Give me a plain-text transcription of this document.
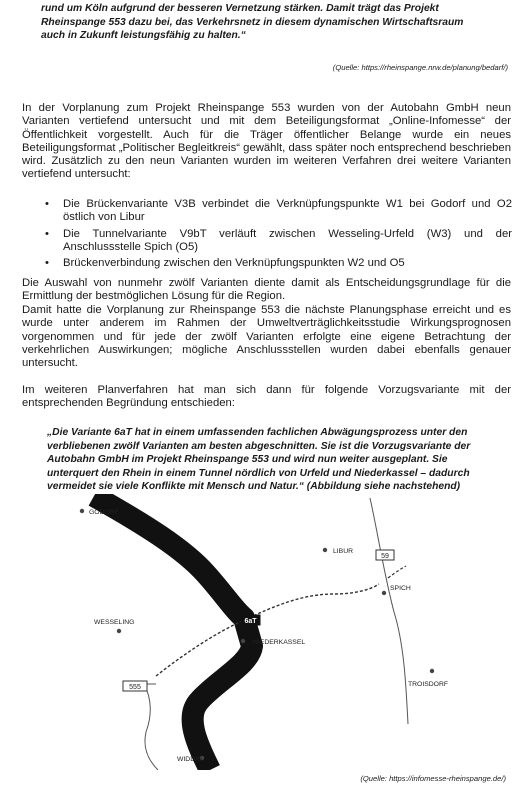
rund um Köln aufgrund der besseren Vernetzung stärken. Damit trägt das Projekt
Rheinspange 553 dazu bei, das Verkehrsnetz in diesem dynamischen Wirtschaftsraum
auch in Zukunft leistungsfähig zu halten.“
(Quelle: https://rheinspange.nrw.de/planung/bedarf/)
In der Vorplanung zum Projekt Rheinspange 553 wurden von der Autobahn GmbH neun Varianten vertiefend untersucht und mit dem Beteiligungsformat „Online-Infomesse“ der Öffentlichkeit vorgestellt. Auch für die Träger öffentlicher Belange wurde ein neues Beteiligungsformat „Politischer Begleitkreis“ gewählt, dass später noch entsprechend beschrieben wird. Zusätzlich zu den neun Varianten wurden im weiteren Verfahren drei weitere Varianten vertiefend untersucht:
• Die Brückenvariante V3B verbindet die Verknüpfungspunkte W1 bei Godorf und O2 östlich von Libur
• Die Tunnelvariante V9bT verläuft zwischen Wesseling-Urfeld (W3) und der Anschlussstelle Spich (O5)
• Brückenverbindung zwischen den Verknüpfungspunkten W2 und O5
Die Auswahl von nunmehr zwölf Varianten diente damit als Entscheidungsgrundlage für die Ermittlung der bestmöglichen Lösung für die Region.
Damit hatte die Vorplanung zur Rheinspange 553 die nächste Planungsphase erreicht und es wurde unter anderem im Rahmen der Umweltverträglichkeitsstudie Wirkungsprognosen vorgenommen und für jede der zwölf Varianten erfolgte eine eigene Betrachtung der verkehrlichen Auswirkungen; mögliche Anschlussstellen wurden dabei ebenfalls genauer untersucht.
Im weiteren Planverfahren hat man sich dann für folgende Vorzugsvariante mit der entsprechenden Begründung entschieden:
„Die Variante 6aT hat in einem umfassenden fachlichen Abwägungsprozess unter den
verbliebenen zwölf Varianten am besten abgeschnitten. Sie ist die Vorzugsvariante der
Autobahn GmbH im Projekt Rheinspange 553 und wird nun weiter ausgeplant. Sie
unterquert den Rhein in einem Tunnel nördlich von Urfeld und Niederkassel – dadurch
vermeidet sie viele Konflikte mit Mensch und Natur.“ (Abbildung siehe nachstehend)
GODORF
LIBUR
SPICH
WESSELING
NIEDERKASSEL
TROISDORF
WIDDIG
59
555
6aT
(Quelle: https://infomesse-rheinspange.de/)
